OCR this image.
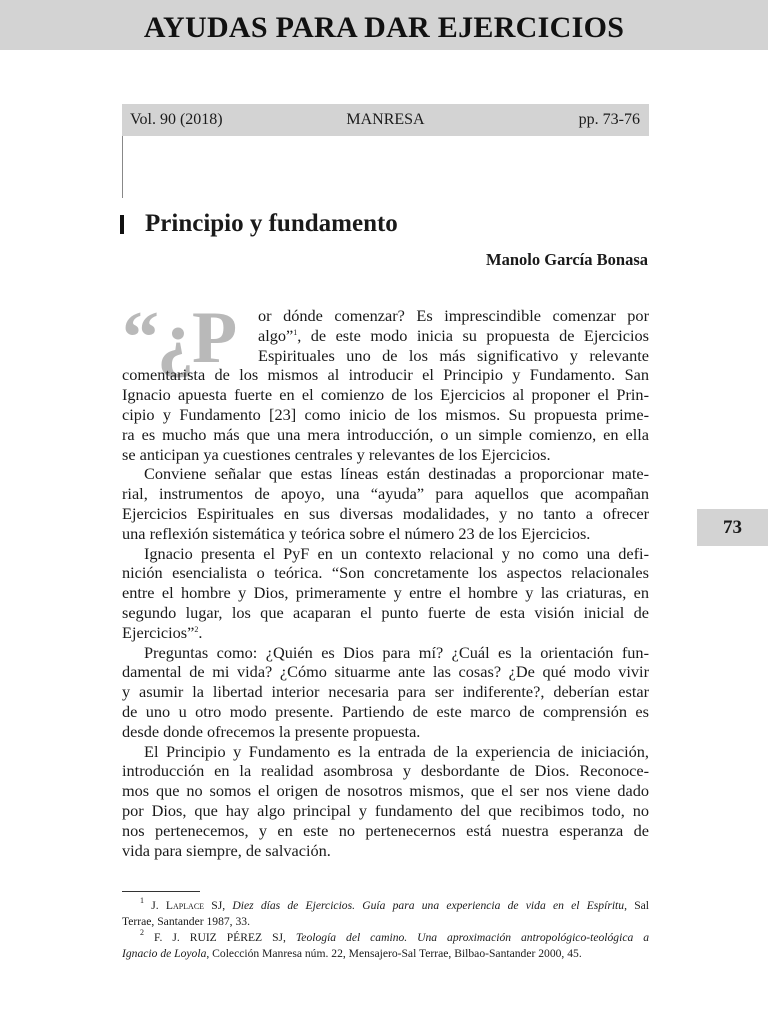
AYUDAS PARA DAR EJERCICIOS
MANRESA
Vol. 90 (2018)	pp. 73-76
Principio y fundamento
Manolo García Bonasa
“¿P	or dónde comenzar? Es imprescindible comenzar por
algo”$^1$, de este modo inicia su propuesta de Ejercicios
Espirituales uno de los más significativo y relevante
comentarista de los mismos al introducir el Principio y Fundamento. San
Ignacio apuesta fuerte en el comienzo de los Ejercicios al proponer el Prin-
cipio y Fundamento [23] como inicio de los mismos. Su propuesta prime-
ra es mucho más que una mera introducción, o un simple comienzo, en ella
se anticipan ya cuestiones centrales y relevantes de los Ejercicios.
Conviene señalar que estas líneas están destinadas a proporcionar mate-
rial, instrumentos de apoyo, una “ayuda” para aquellos que acompañan
Ejercicios Espirituales en sus diversas modalidades, y no tanto a ofrecer
una reflexión sistemática y teórica sobre el número 23 de los Ejercicios.
Ignacio presenta el PyF en un contexto relacional y no como una defi-
nición esencialista o teórica. “Son concretamente los aspectos relacionales
entre el hombre y Dios, primeramente y entre el hombre y las criaturas, en
segundo lugar, los que acaparan el punto fuerte de esta visión inicial de
Ejercicios”$^2$.
Preguntas como: ¿Quién es Dios para mí? ¿Cuál es la orientación fun-
damental de mi vida? ¿Cómo situarme ante las cosas? ¿De qué modo vivir
y asumir la libertad interior necesaria para ser indiferente?, deberían estar
de uno u otro modo presente. Partiendo de este marco de comprensión es
desde donde ofrecemos la presente propuesta.
El Principio y Fundamento es la entrada de la experiencia de iniciación,
introducción en la realidad asombrosa y desbordante de Dios. Reconoce-
mos que no somos el origen de nosotros mismos, que el ser nos viene dado
por Dios, que hay algo principal y fundamento del que recibimos todo, no
nos pertenecemos, y en este no pertenecernos está nuestra esperanza de
vida para siempre, de salvación.
73
$^1$ J. Laplace SJ, Diez días de Ejercicios. Guía para una experiencia de vida en el Espíritu, Sal
Terrae, Santander 1987, 33.
$^2$ F. J. RUIZ PÉREZ SJ, Teología del camino. Una aproximación antropológico-teológica a
Ignacio de Loyola, Colección Manresa núm. 22, Mensajero-Sal Terrae, Bilbao-Santander 2000, 45.
